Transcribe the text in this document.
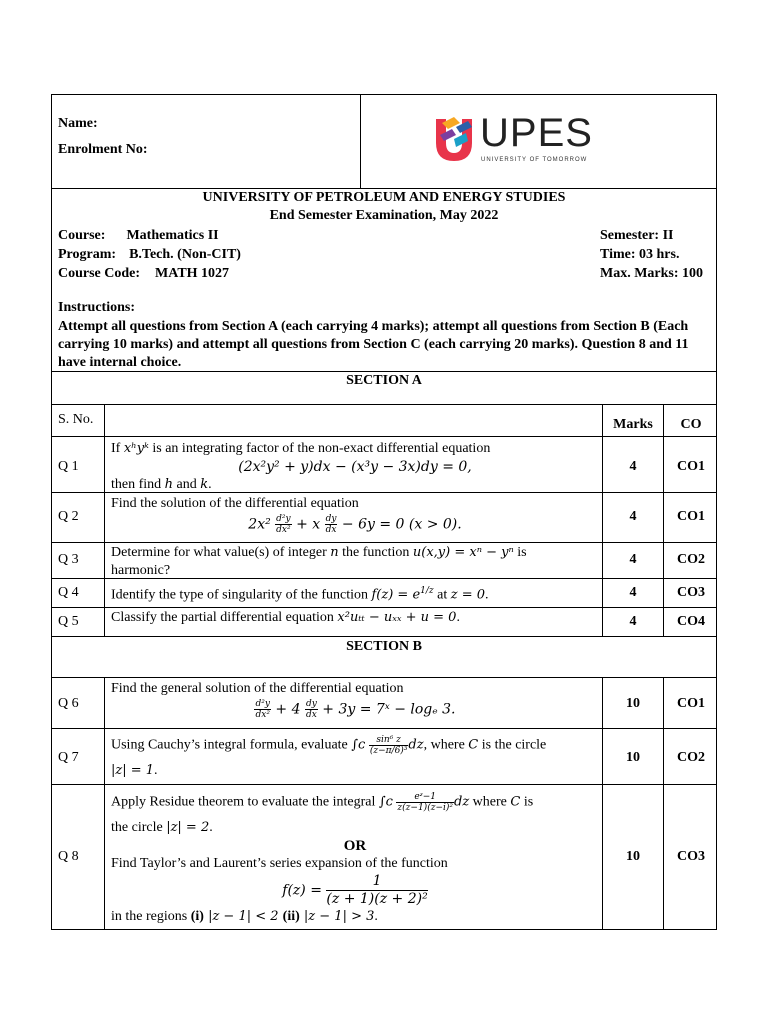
Name:
Enrolment No:	UPES
UNIVERSITY OF TOMORROW
UNIVERSITY OF PETROLEUM AND ENERGY STUDIES
End Semester Examination, May 2022
Course: Mathematics II
Program: B.Tech. (Non-CIT)
Course Code: MATH 1027
Semester: II
Time: 03 hrs.
Max. Marks: 100
Instructions:
Attempt all questions from Section A (each carrying 4 marks); attempt all questions from Section B (Each carrying 10 marks) and attempt all questions from Section C (each carrying 20 marks). Question 8 and 11 have internal choice.
SECTION A
S. No.	Marks	CO
If xʰyᵏ is an integrating factor of the non-exact differential equation
(2x²y² + y)dx − (x³y − 3x)dy = 0,
then find h and k.
Q 1	4	CO1
Find the solution of the differential equation
$2x^2 \frac{\text{d²y}}{\text{dx²}} + x \frac{dy}{dx} - 6y = 0$ (x > 0).
Q 2	4	CO1
Determine for what value(s) of integer n the function u(x,y) = xⁿ − yⁿ is
harmonic?
Q 3	4	CO2
Identify the type of singularity of the function $f(z) = e^{1/z}$ at z = 0.
Q 4	4	CO3
Classify the partial differential equation x²uₜₜ − uₓₓ + u = 0.
Q 5	4	CO4
SECTION B
Find the general solution of the differential equation
$\frac{\text{d²y}}{\text{dx²}} + 4 \frac{dy}{dx} + 3y$ = 7ˣ − logₑ 3.
Q 6	10	CO1
Using Cauchy’s integral formula, evaluate ∫ᴄ $\frac{\text{sin⁶ z}}{\text{(z−π/6)³}}$ dz, where C is the circle
|z| = 1.
Q 7	10	CO2
Apply Residue theorem to evaluate the integral ∫ᴄ $\frac{\text{eᶻ−1}}{\text{z(z−1)(z−i)²}}$ dz where C is
the circle |z| = 2.
OR
Find Taylor’s and Laurent’s series expansion of the function
$f(z) = \frac{1}{\text{(z + 1)(z + 2)²}}$
in the regions (i) |z − 1| < 2 (ii) |z − 1| > 3.
Q 8	10	CO3
